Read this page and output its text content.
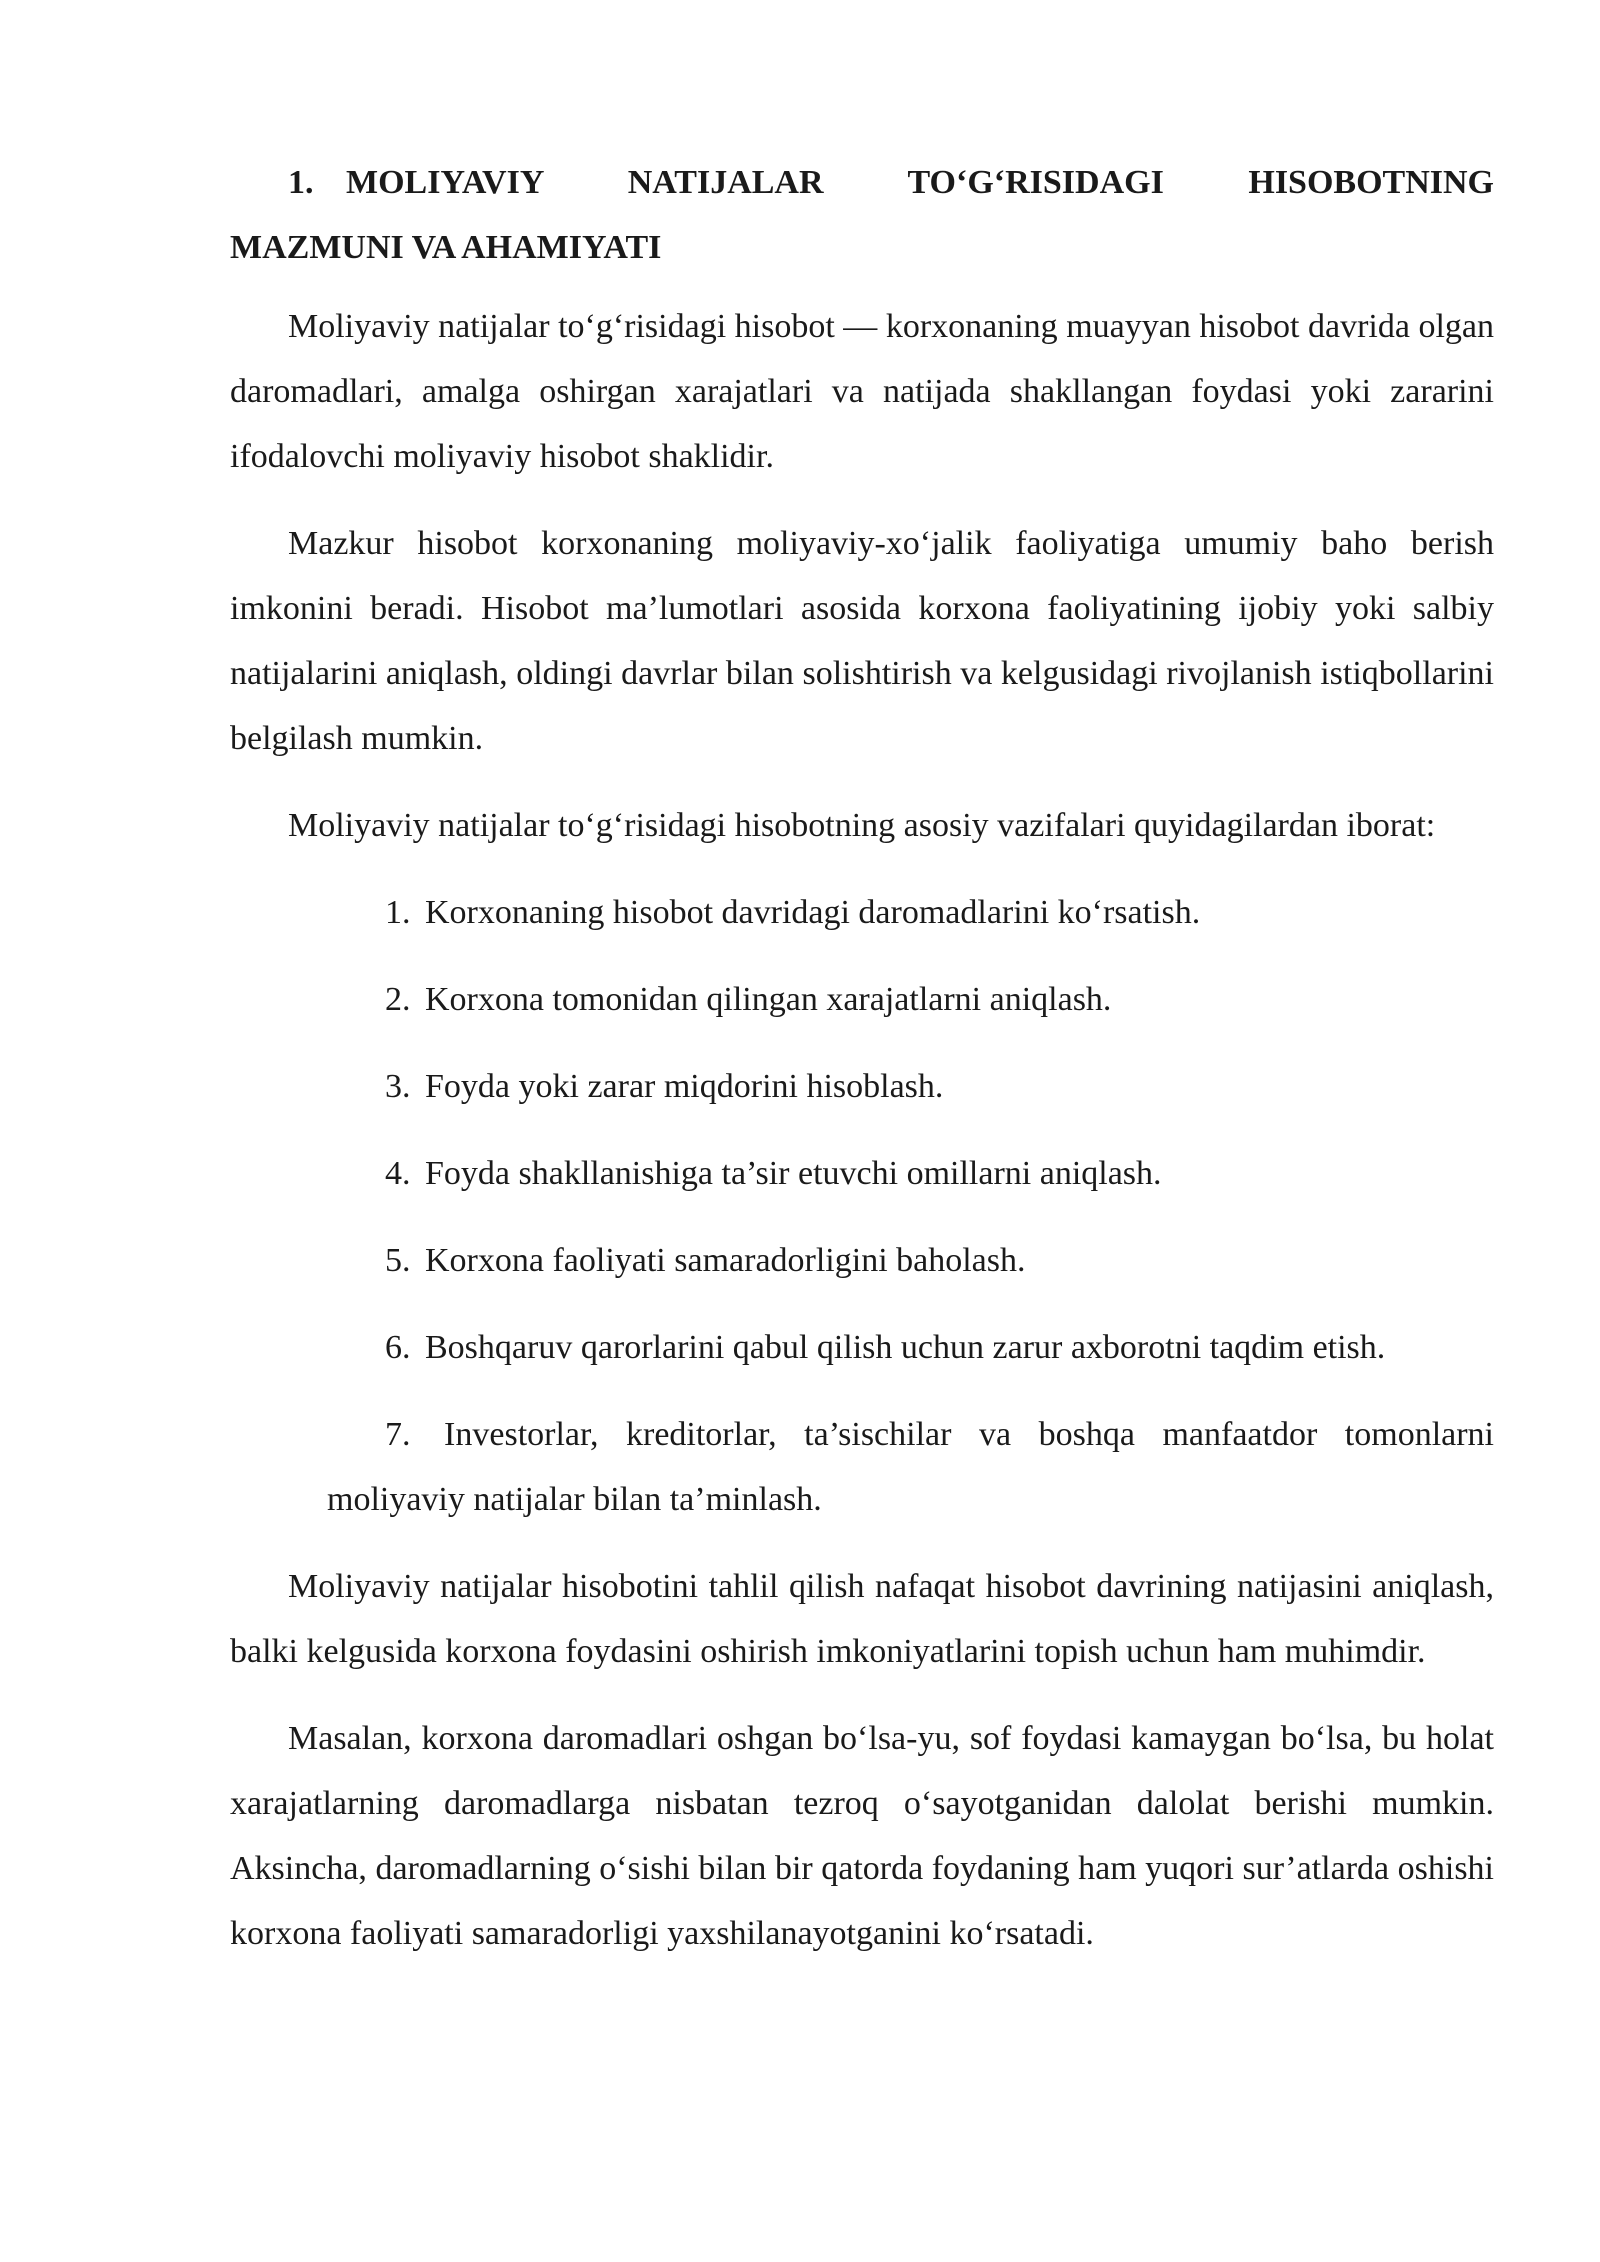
1. MOLIYAVIY NATIJALAR TO‘G‘RISIDAGI HISOBOTNING
MAZMUNI VA AHAMIYATI

Moliyaviy natijalar to‘g‘risidagi hisobot — korxonaning muayyan hisobot davrida olgan daromadlari, amalga oshirgan xarajatlari va natijada shakllangan foydasi yoki zararini ifodalovchi moliyaviy hisobot shaklidir.

Mazkur hisobot korxonaning moliyaviy-xo‘jalik faoliyatiga umumiy baho berish imkonini beradi. Hisobot ma’lumotlari asosida korxona faoliyatining ijobiy yoki salbiy natijalarini aniqlash, oldingi davrlar bilan solishtirish va kelgusidagi rivojlanish istiqbollarini belgilash mumkin.

Moliyaviy natijalar to‘g‘risidagi hisobotning asosiy vazifalari quyidagilardan iborat:

1. Korxonaning hisobot davridagi daromadlarini ko‘rsatish.
2. Korxona tomonidan qilingan xarajatlarni aniqlash.
3. Foyda yoki zarar miqdorini hisoblash.
4. Foyda shakllanishiga ta’sir etuvchi omillarni aniqlash.
5. Korxona faoliyati samaradorligini baholash.
6. Boshqaruv qarorlarini qabul qilish uchun zarur axborotni taqdim etish.
7. Investorlar, kreditorlar, ta’sischilar va boshqa manfaatdor tomonlarni moliyaviy natijalar bilan ta’minlash.

Moliyaviy natijalar hisobotini tahlil qilish nafaqat hisobot davrining natijasini aniqlash, balki kelgusida korxona foydasini oshirish imkoniyatlarini topish uchun ham muhimdir.

Masalan, korxona daromadlari oshgan bo‘lsa-yu, sof foydasi kamaygan bo‘lsa, bu holat xarajatlarning daromadlarga nisbatan tezroq o‘sayotganidan dalolat berishi mumkin. Aksincha, daromadlarning o‘sishi bilan bir qatorda foydaning ham yuqori sur’atlarda oshishi korxona faoliyati samaradorligi yaxshilanayotganini ko‘rsatadi.
